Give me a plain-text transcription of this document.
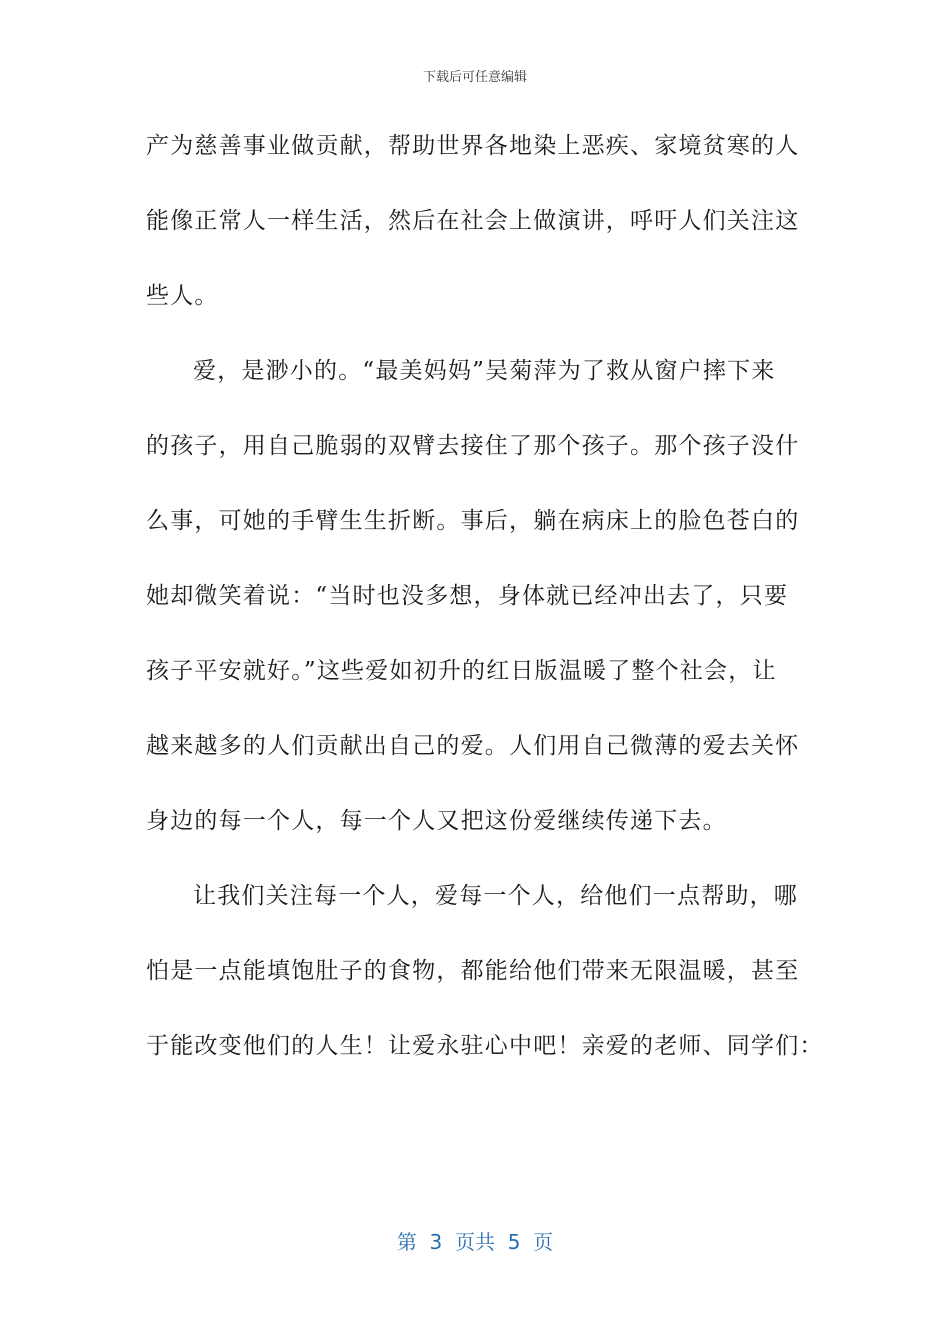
下载后可任意编辑
产为慈善事业做贡献，帮助世界各地染上恶疾、家境贫寒的人
能像正常人一样生活，然后在社会上做演讲，呼吁人们关注这
些人。
爱，是渺小的。“最美妈妈”吴菊萍为了救从窗户摔下来
的孩子，用自己脆弱的双臂去接住了那个孩子。那个孩子没什
么事，可她的手臂生生折断。事后，躺在病床上的脸色苍白的
她却微笑着说：“当时也没多想，身体就已经冲出去了，只要
孩子平安就好。”这些爱如初升的红日版温暖了整个社会，让
越来越多的人们贡献出自己的爱。人们用自己微薄的爱去关怀
身边的每一个人，每一个人又把这份爱继续传递下去。
让我们关注每一个人，爱每一个人，给他们一点帮助，哪
怕是一点能填饱肚子的食物，都能给他们带来无限温暖，甚至
于能改变他们的人生！让爱永驻心中吧！亲爱的老师、同学们：
第  3  页共  5  页
